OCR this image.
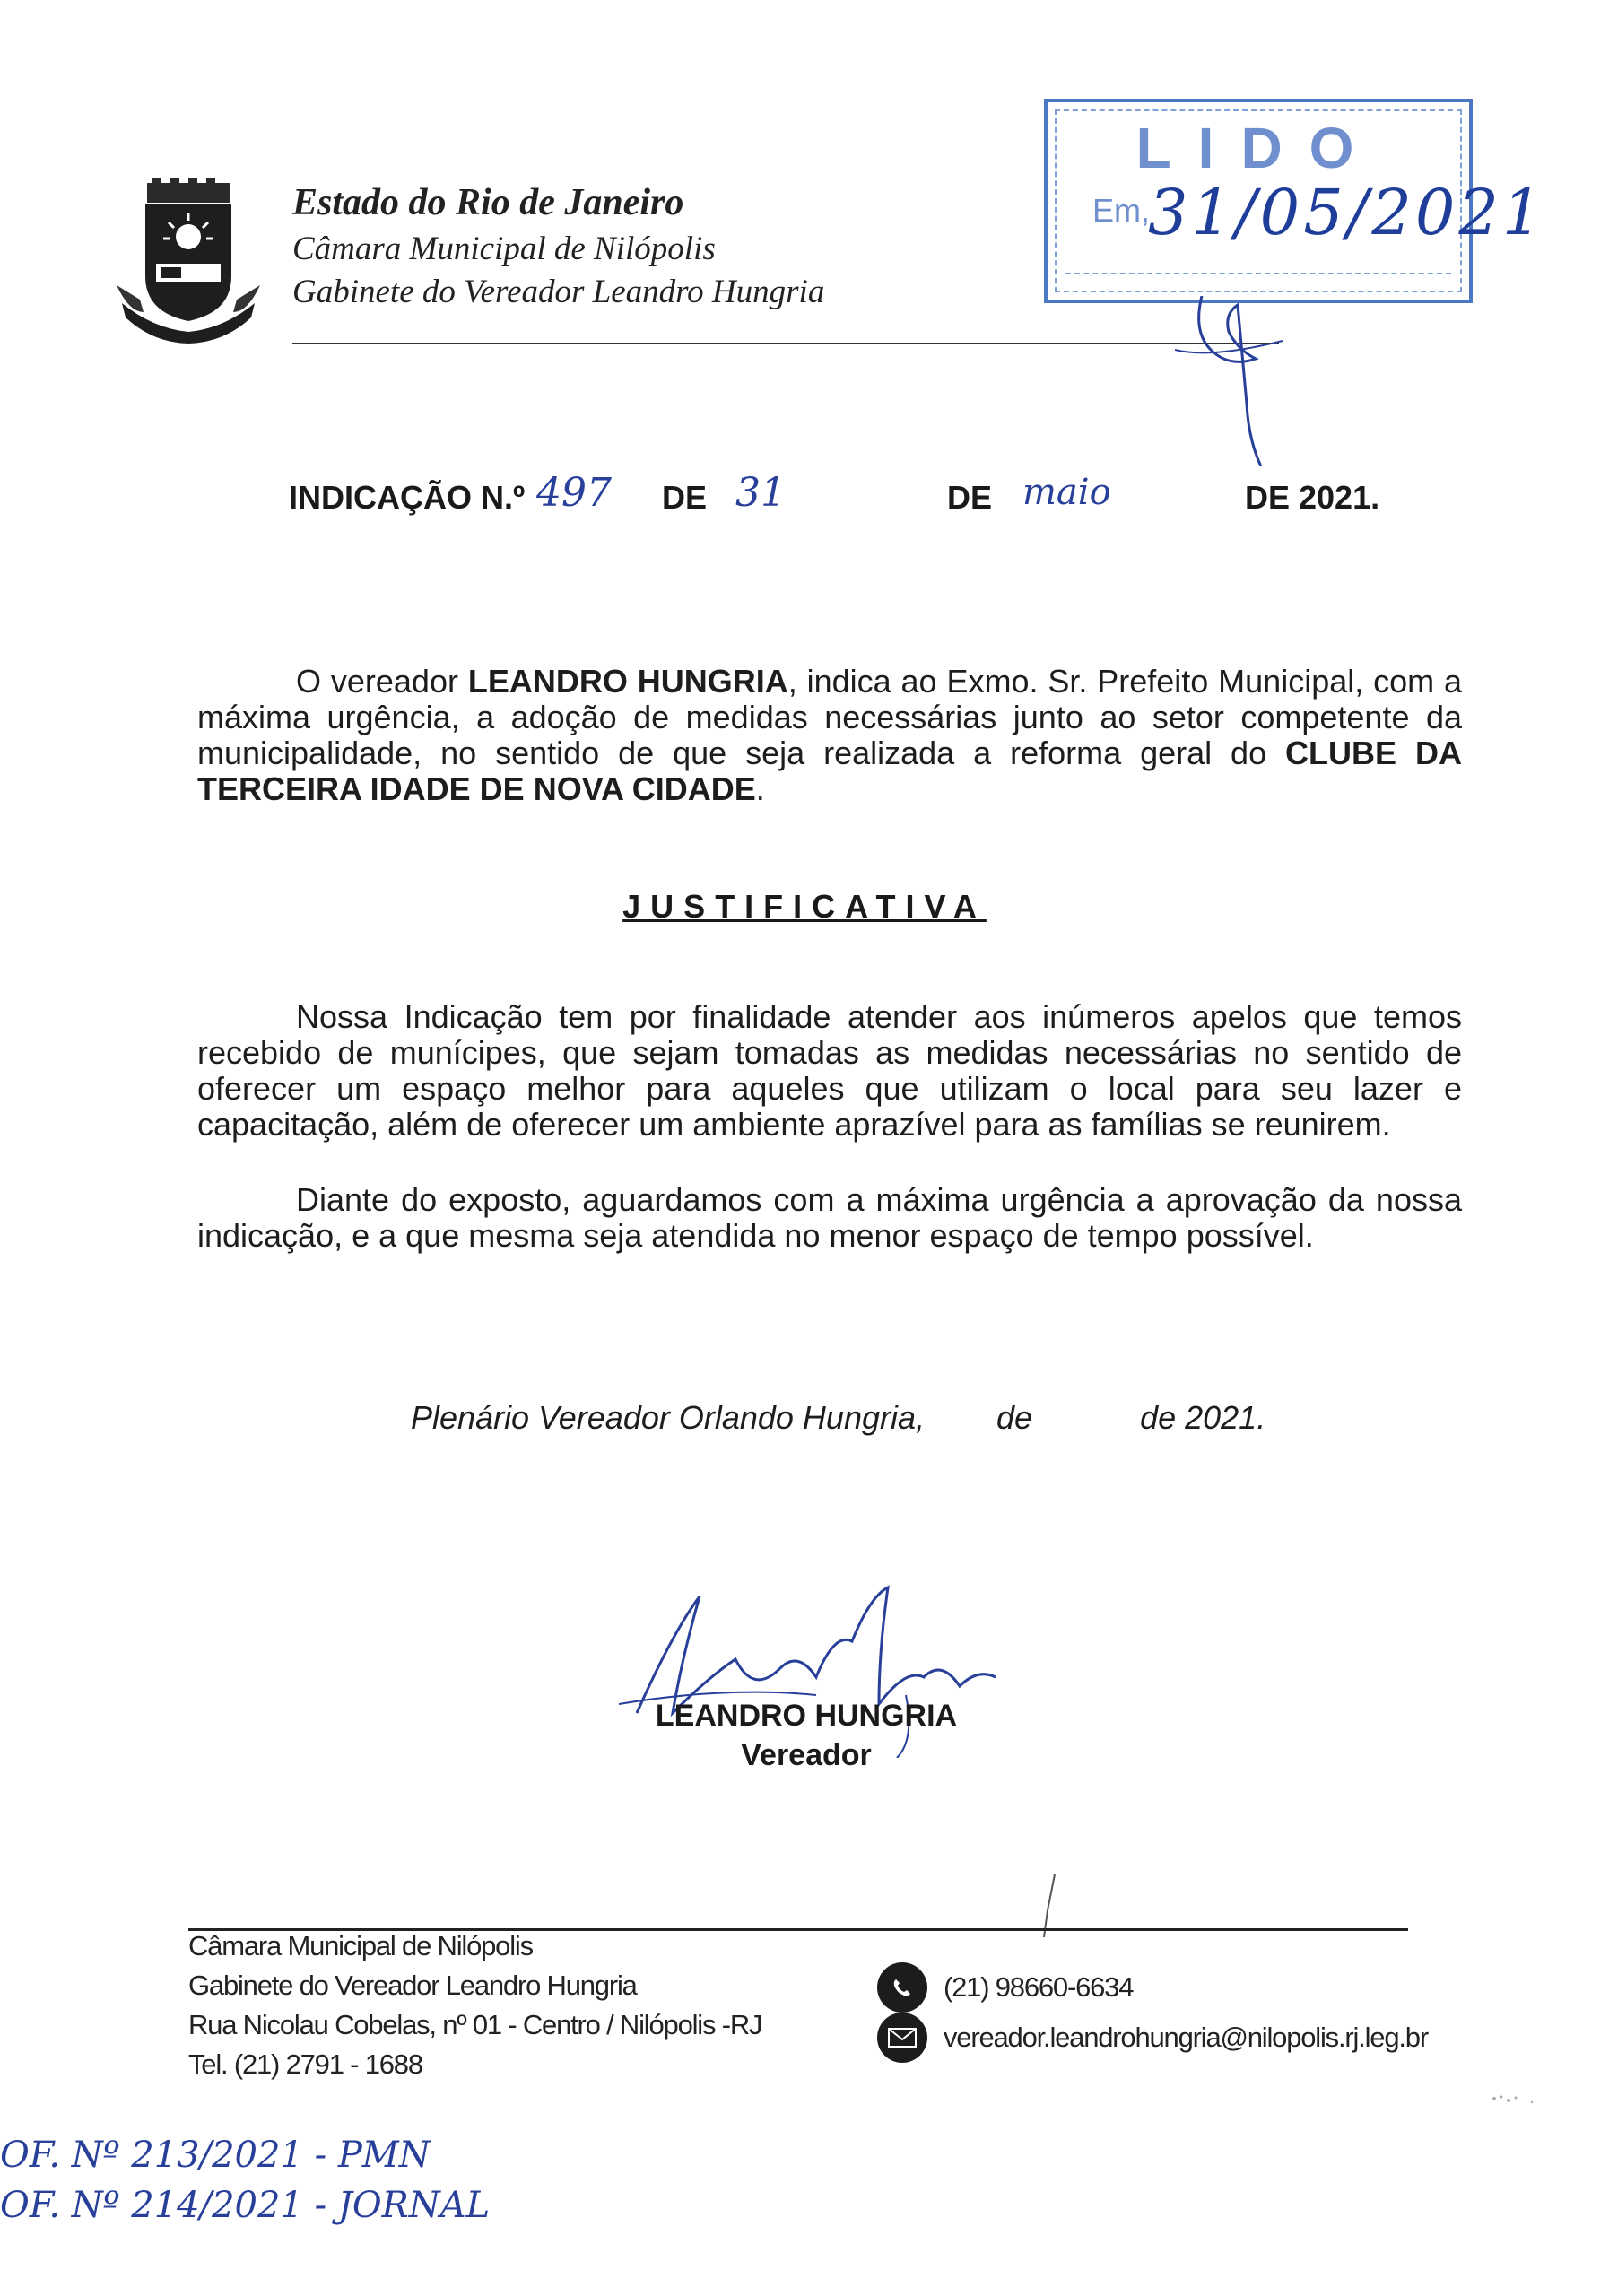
Estado do Rio de Janeiro
Câmara Municipal de Nilópolis
Gabinete do Vereador Leandro Hungria
LIDO
Em,
31/05/2021
INDICAÇÃO N.º 497 DE 31	DE maio	DE 2021.
O vereador LEANDRO HUNGRIA, indica ao Exmo. Sr. Prefeito Municipal, com a máxima urgência, a adoção de medidas necessárias junto ao setor competente da municipalidade, no sentido de que seja realizada a reforma geral do CLUBE DA TERCEIRA IDADE DE NOVA CIDADE.
JUSTIFICATIVA
Nossa Indicação tem por finalidade atender aos inúmeros apelos que temos recebido de munícipes, que sejam tomadas as medidas necessárias no sentido de oferecer um espaço melhor para aqueles que utilizam o local para seu lazer e capacitação, além de oferecer um ambiente aprazível para as famílias se reunirem.
Diante do exposto, aguardamos com a máxima urgência a aprovação da nossa indicação, e a que mesma seja atendida no menor espaço de tempo possível.
Plenário Vereador Orlando Hungria,        de            de 2021.
LEANDRO HUNGRIA
Vereador
Câmara Municipal de Nilópolis
Gabinete do Vereador Leandro Hungria
Rua Nicolau Cobelas, nº 01 - Centro / Nilópolis -RJ
Tel. (21) 2791 - 1688
(21) 98660-6634
vereador.leandrohungria@nilopolis.rj.leg.br
OF. Nº 213/2021 - PMN
OF. Nº 214/2021 - JORNAL
